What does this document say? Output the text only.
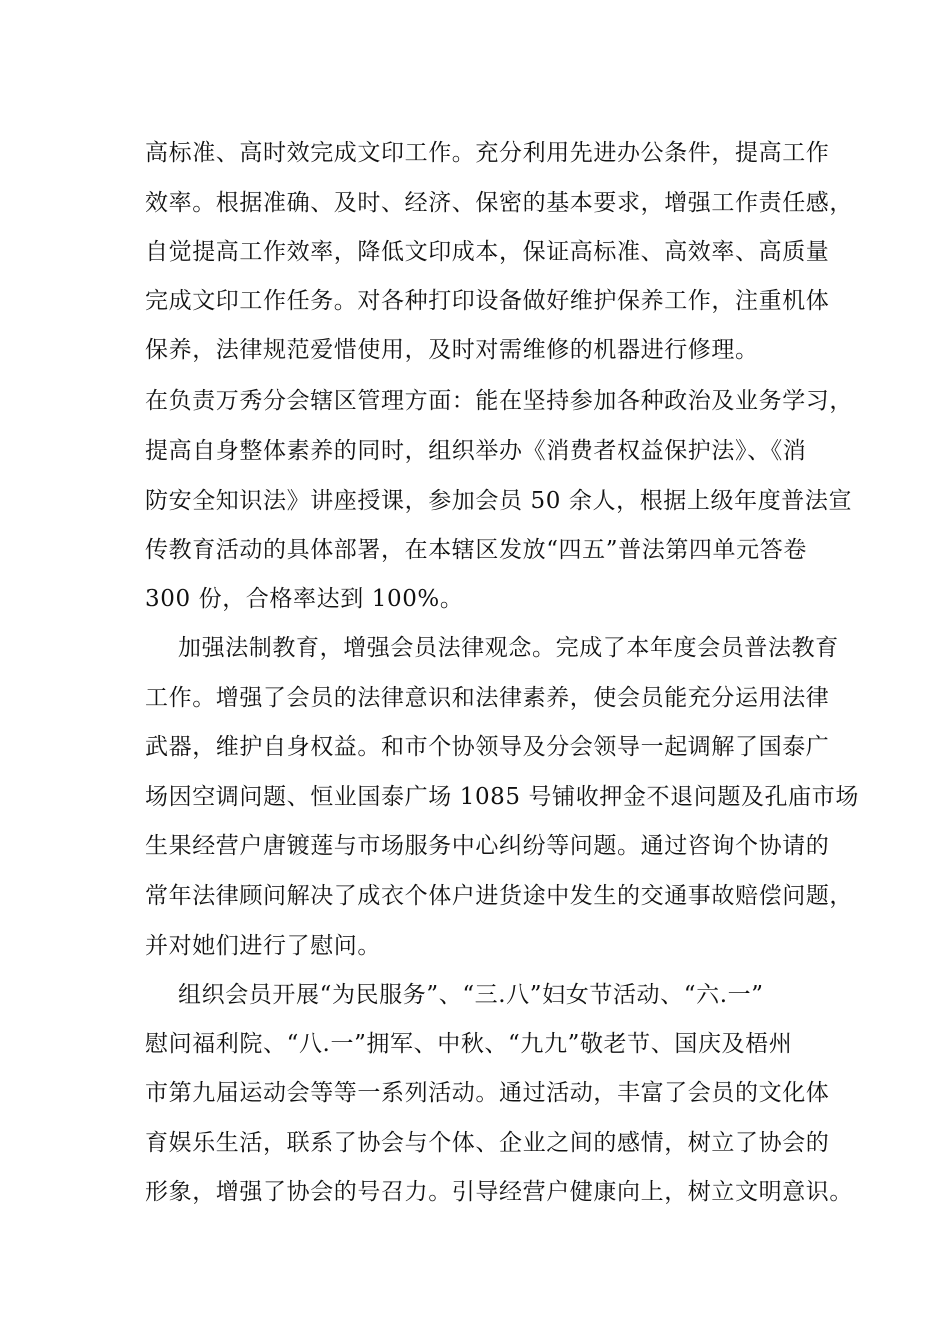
高标准、高时效完成文印工作。充分利用先进办公条件，提高工作
效率。根据准确、及时、经济、保密的基本要求，增强工作责任感，
自觉提高工作效率，降低文印成本，保证高标准、高效率、高质量
完成文印工作任务。对各种打印设备做好维护保养工作，注重机体
保养，法律规范爱惜使用，及时对需维修的机器进行修理。
在负责万秀分会辖区管理方面：能在坚持参加各种政治及业务学习，
提高自身整体素养的同时，组织举办《消费者权益保护法》、《消
防安全知识法》讲座授课，参加会员 50 余人，根据上级年度普法宣
传教育活动的具体部署，在本辖区发放“四五”普法第四单元答卷
300 份，合格率达到 100%。
加强法制教育，增强会员法律观念。完成了本年度会员普法教育
工作。增强了会员的法律意识和法律素养，使会员能充分运用法律
武器，维护自身权益。和市个协领导及分会领导一起调解了国泰广
场因空调问题、恒业国泰广场 1085 号铺收押金不退问题及孔庙市场
生果经营户唐镀莲与市场服务中心纠纷等问题。通过咨询个协请的
常年法律顾问解决了成衣个体户进货途中发生的交通事故赔偿问题，
并对她们进行了慰问。
组织会员开展“为民服务”、“三.八”妇女节活动、“六.一”
慰问福利院、“八.一”拥军、中秋、“九九”敬老节、国庆及梧州
市第九届运动会等等一系列活动。通过活动，丰富了会员的文化体
育娱乐生活，联系了协会与个体、企业之间的感情，树立了协会的
形象，增强了协会的号召力。引导经营户健康向上，树立文明意识。
